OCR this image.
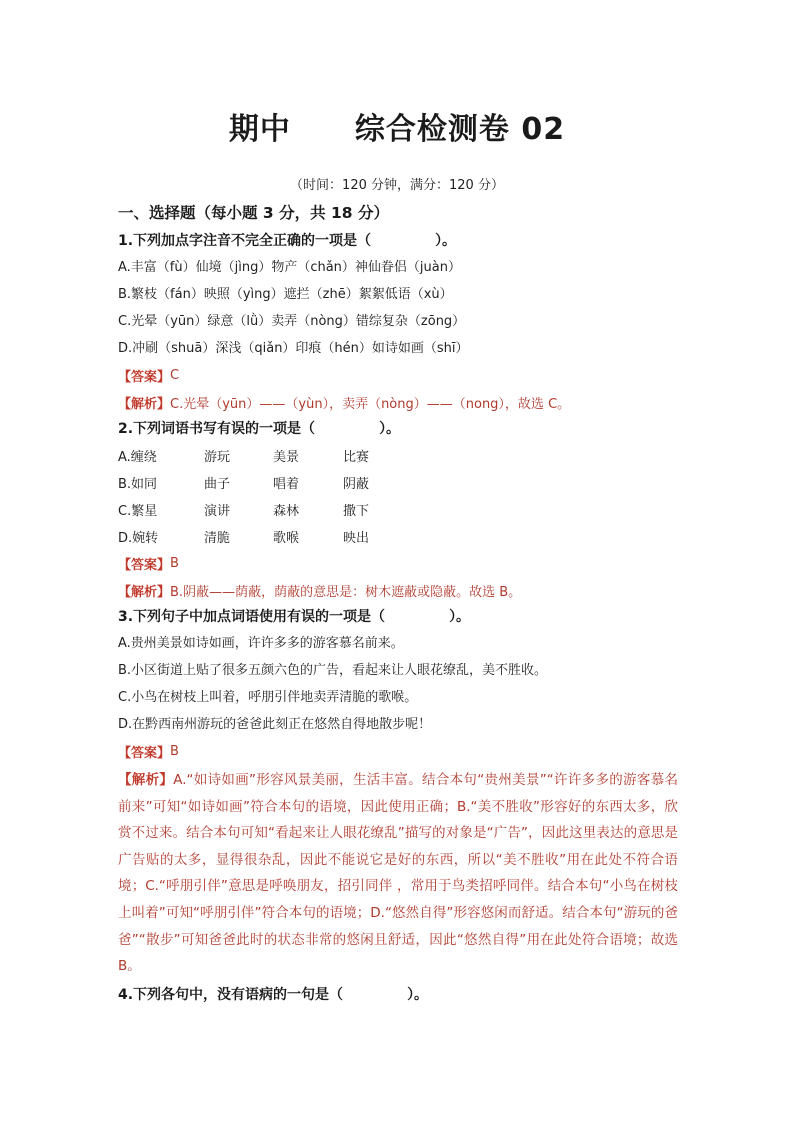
期中 综合检测卷 02
（时间：120 分钟，满分：120 分）
一、选择题（每小题 3 分，共 18 分）
1.下列加点字注音不完全正确的一项是（	）。
A.丰富（fù）仙境（jìng）物产（chǎn）神仙眷侣（juàn）
B.繁枝（fán）映照（yìng）遮拦（zhē）絮絮低语（xù）
C.光晕（yūn）绿意（lǜ）卖弄（nòng）错综复杂（zōng）
D.冲刷（shuā）深浅（qiǎn）印痕（hén）如诗如画（shī）
【答案】 C
【解析】 C.光晕（yūn）——（yùn），卖弄（nòng）——（nong），故选 C。
2.下列词语书写有误的一项是（	）。
A.缠绕	游玩	美景	比赛
B.如同	曲子	唱着	阴蔽
C.繁星	演讲	森林	撒下
D.婉转	清脆	歌喉	映出
【答案】 B
【解析】 B.阴蔽——荫蔽，荫蔽的意思是：树木遮蔽或隐蔽。故选 B。
3.下列句子中加点词语使用有误的一项是（	）。
A.贵州美景如诗如画，许许多多的游客慕名前来。
B.小区街道上贴了很多五颜六色的广告，看起来让人眼花缭乱，美不胜收。
C.小鸟在树枝上叫着，呼朋引伴地卖弄清脆的歌喉。
D.在黔西南州游玩的爸爸此刻正在悠然自得地散步呢！
【答案】 B

【解析】A.“如诗如画”形容风景美丽，生活丰富。结合本句“贵州美景”“许许多多的游客慕名前来”可知“如诗如画”符合本句的语境，因此使用正确；B.“美不胜收”形容好的东西太多，欣赏不过来。结合本句可知“看起来让人眼花缭乱”描写的对象是“广告”，因此这里表达的意思是广告贴的太多，显得很杂乱，因此不能说它是好的东西，所以“美不胜收”用在此处不符合语境；C.“呼朋引伴”意思是呼唤朋友，招引同伴 ，常用于鸟类招呼同伴。结合本句“小鸟在树枝上叫着”可知“呼朋引伴”符合本句的语境；D.“悠然自得”形容悠闲而舒适。结合本句“游玩的爸爸”“散步”可知爸爸此时的状态非常的悠闲且舒适，因此“悠然自得”用在此处符合语境；故选 B。

4.下列各句中，没有语病的一句是（	）。
